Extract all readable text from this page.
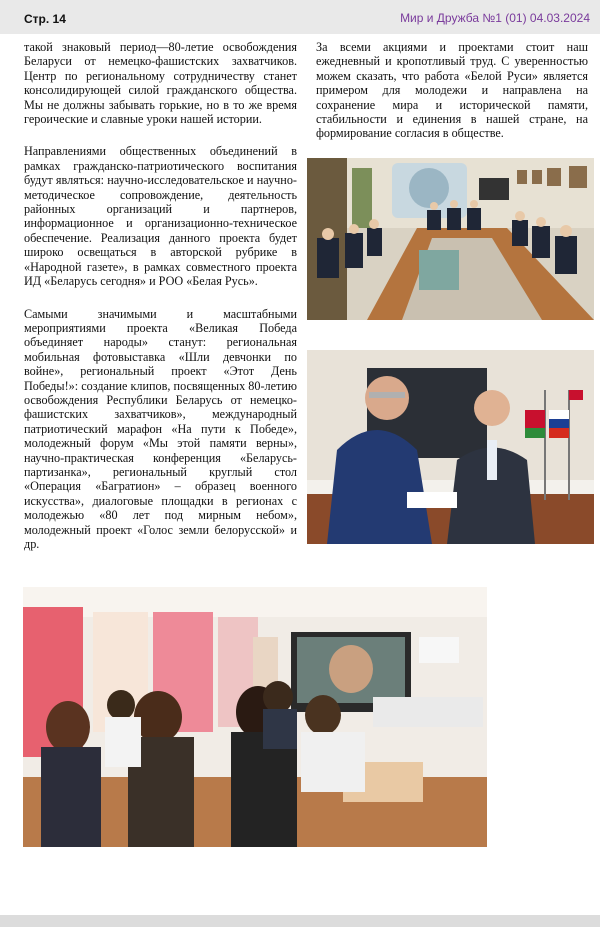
Стр. 14	Мир и Дружба №1 (01) 04.03.2024

такой знаковый период—80-летие освобождения Беларуси от немецко-фашистских захватчиков. Центр по региональному сотрудничеству станет консолидирующей силой гражданского общества. Мы не должны забывать горькие, но в то же время героические и славные уроки нашей истории.

Направлениями общественных объединений в рамках гражданско-патриотического воспитания будут являться: научно-исследовательское и научно-методическое сопровождение, деятельность районных организаций и партнеров, информационное и организационно-техническое обеспечение. Реализация данного проекта будет широко освещаться в авторской рубрике в «Народной газете», в рамках совместного проекта ИД «Беларусь сегодня» и РОО «Белая Русь».

Самыми значимыми и масштабными мероприятиями проекта «Великая Победа объединяет народы» станут: региональная мобильная фотовыставка «Шли девчонки по войне», региональный проект «Этот День Победы!»: создание клипов, посвященных 80-летию освобождения Республики Беларусь от немецко-фашистских захватчиков», международный патриотический марафон «На пути к Победе», молодежный форум «Мы этой памяти верны», научно-практическая конференция «Беларусь-партизанка», региональный круглый стол «Операция «Багратион» – образец военного искусства», диалоговые площадки в регионах с молодежью «80 лет под мирным небом», молодежный проект «Голос земли белорусской» и др.

За всеми акциями и проектами стоит наш ежедневный и кропотливый труд. С уверенностью можем сказать, что работа «Белой Руси» является примером для молодежи и направлена на сохранение мира и исторической памяти, стабильности и единения в нашей стране, на формирование согласия в обществе.
